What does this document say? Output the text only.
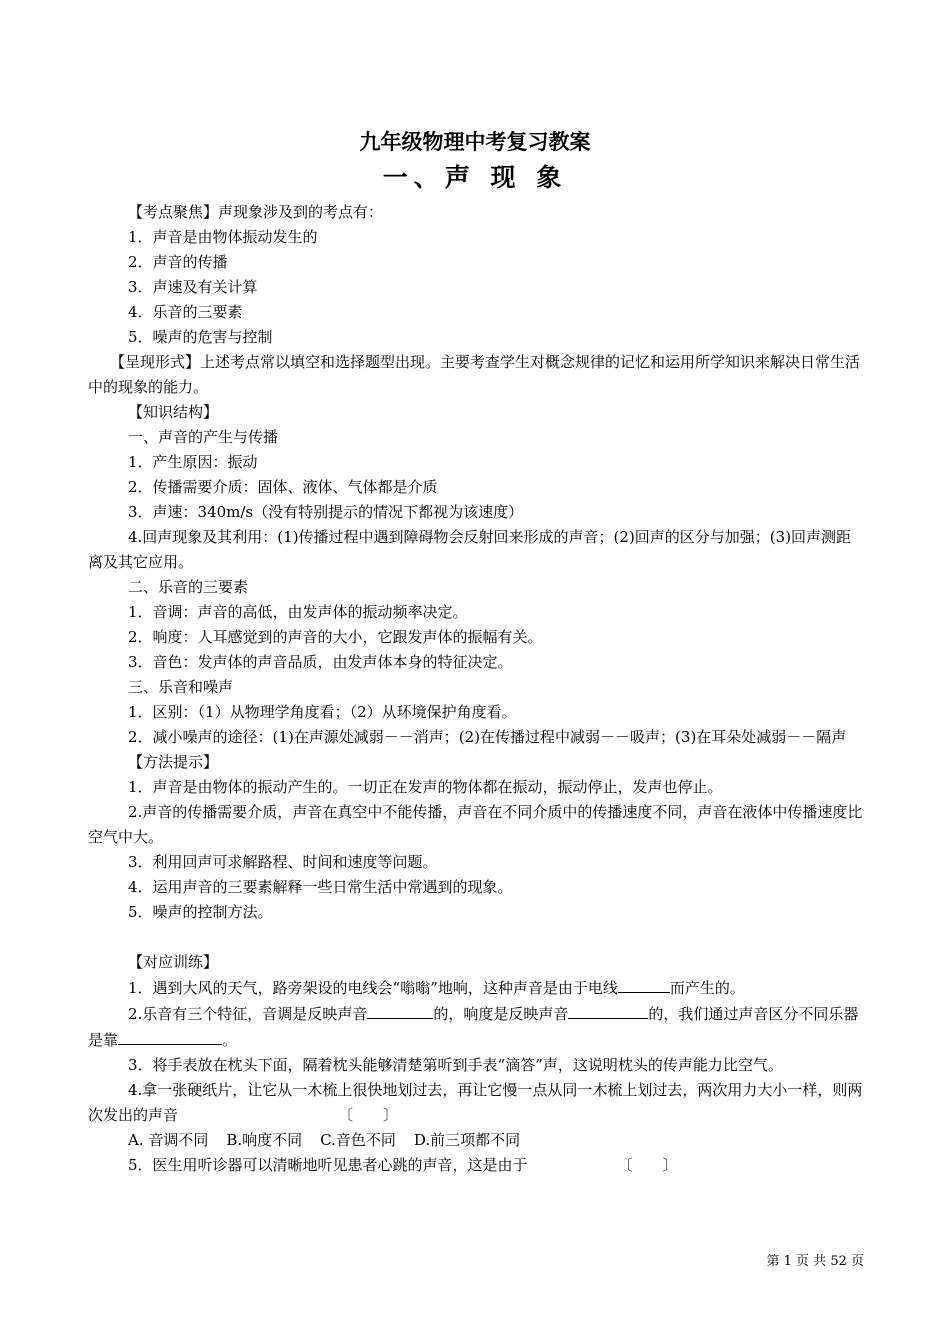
九年级物理中考复习教案
一、声 现 象

【考点聚焦】声现象涉及到的考点有：

1．声音是由物体振动发生的

2．声音的传播

3．声速及有关计算

4．乐音的三要素

5．噪声的危害与控制

【呈现形式】上述考点常以填空和选择题型出现。主要考查学生对概念规律的记忆和运用所学知识来解决日常生活中的现象的能力。

【知识结构】

一、声音的产生与传播

1．产生原因：振动

2．传播需要介质：固体、液体、气体都是介质

3．声速：340m/s（没有特别提示的情况下都视为该速度）

4.回声现象及其利用：(1)传播过程中遇到障碍物会反射回来形成的声音；(2)回声的区分与加强；(3)回声测距离及其它应用。

二、乐音的三要素

1．音调：声音的高低，由发声体的振动频率决定。

2．响度：人耳感觉到的声音的大小，它跟发声体的振幅有关。

3．音色：发声体的声音品质，由发声体本身的特征决定。

三、乐音和噪声

1．区别：（1）从物理学角度看；（2）从环境保护角度看。

2．减小噪声的途径：(1)在声源处减弱－－消声；(2)在传播过程中减弱－－吸声；(3)在耳朵处减弱－－隔声

【方法提示】

1．声音是由物体的振动产生的。一切正在发声的物体都在振动，振动停止，发声也停止。

2.声音的传播需要介质，声音在真空中不能传播，声音在不同介质中的传播速度不同，声音在液体中传播速度比空气中大。

3．利用回声可求解路程、时间和速度等问题。

4．运用声音的三要素解释一些日常生活中常遇到的现象。

5．噪声的控制方法。

【对应训练】

1．遇到大风的天气，路旁架设的电线会“嗡嗡”地响，这种声音是由于电线	而产生的。

2.乐音有三个特征，音调是反映声音	的，响度是反映声音	的，我们通过声音区分不同乐器是靠	。

3．将手表放在枕头下面，隔着枕头能够清楚第听到手表“滴答”声，这说明枕头的传声能力比空气。

4.拿一张硬纸片，让它从一木梳上很快地划过去，再让它慢一点从同一木梳上划过去，两次用力大小一样，则两次发出的声音	〔　　〕

A. 音调不同 B.响度不同 C.音色不同 D.前三项都不同

5．医生用听诊器可以清晰地听见患者心跳的声音，这是由于	〔　　〕

第 1 页 共 52 页
